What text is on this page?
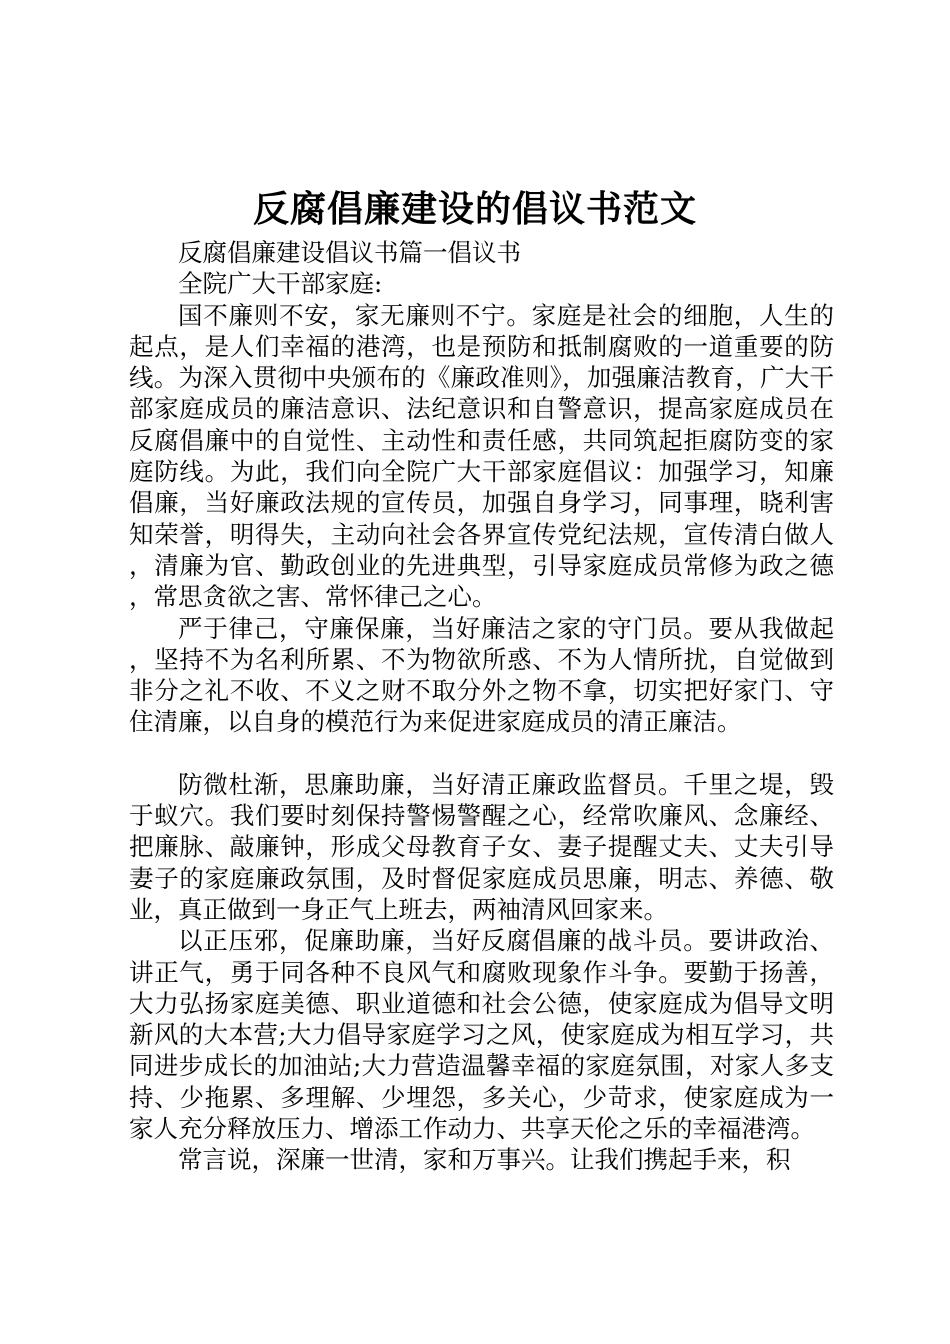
反腐倡廉建设的倡议书范文

反腐倡廉建设倡议书篇一倡议书

全院广大干部家庭:

国不廉则不安，家无廉则不宁。家庭是社会的细胞，人生的起点，是人们幸福的港湾，也是预防和抵制腐败的一道重要的防线。为深入贯彻中央颁布的《廉政准则》，加强廉洁教育，广大干部家庭成员的廉洁意识、法纪意识和自警意识，提高家庭成员在反腐倡廉中的自觉性、主动性和责任感，共同筑起拒腐防变的家庭防线。为此，我们向全院广大干部家庭倡议：加强学习，知廉倡廉，当好廉政法规的宣传员，加强自身学习，同事理，晓利害知荣誉，明得失，主动向社会各界宣传党纪法规，宣传清白做人，清廉为官、勤政创业的先进典型，引导家庭成员常修为政之德，常思贪欲之害、常怀律己之心。

严于律己，守廉保廉，当好廉洁之家的守门员。要从我做起，坚持不为名利所累、不为物欲所惑、不为人情所扰，自觉做到非分之礼不收、不义之财不取分外之物不拿，切实把好家门、守住清廉，以自身的模范行为来促进家庭成员的清正廉洁。

防微杜渐，思廉助廉，当好清正廉政监督员。千里之堤，毁于蚁穴。我们要时刻保持警惕警醒之心，经常吹廉风、念廉经、把廉脉、敲廉钟，形成父母教育子女、妻子提醒丈夫、丈夫引导妻子的家庭廉政氛围，及时督促家庭成员思廉，明志、养德、敬业，真正做到一身正气上班去，两袖清风回家来。

以正压邪，促廉助廉，当好反腐倡廉的战斗员。要讲政治、讲正气，勇于同各种不良风气和腐败现象作斗争。要勤于扬善，大力弘扬家庭美德、职业道德和社会公德，使家庭成为倡导文明新风的大本营;大力倡导家庭学习之风，使家庭成为相互学习，共同进步成长的加油站;大力营造温馨幸福的家庭氛围，对家人多支持、少拖累、多理解、少埋怨，多关心，少苛求，使家庭成为一家人充分释放压力、增添工作动力、共享天伦之乐的幸福港湾。

常言说，深廉一世清，家和万事兴。让我们携起手来，积
